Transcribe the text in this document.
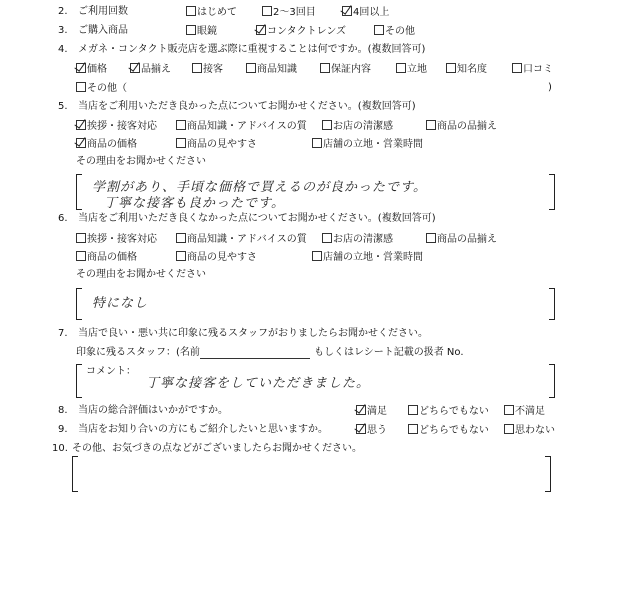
2. ご利用回数	はじめて	2～3回目	4回以上
3. ご購入商品	眼鏡	コンタクトレンズ	その他
4. メガネ・コンタクト販売店を選ぶ際に重視することは何ですか。(複数回答可)
価格	品揃え	接客	商品知識	保証内容	立地	知名度	口コミ
その他（	)
5. 当店をご利用いただき良かった点についてお聞かせください。(複数回答可)
挨拶・接客対応	商品知識・アドバイスの質	お店の清潔感	商品の品揃え
商品の価格	商品の見やすさ	店舗の立地・営業時間
その理由をお聞かせください
学割があり、手頃な価格で買えるのが良かったです。
丁寧な接客も良かったです。
6. 当店をご利用いただき良くなかった点についてお聞かせください。(複数回答可)
挨拶・接客対応	商品知識・アドバイスの質	お店の清潔感	商品の品揃え
商品の価格	商品の見やすさ	店舗の立地・営業時間
その理由をお聞かせください
特になし
7. 当店で良い・悪い共に印象に残るスタッフがおりましたらお聞かせください。
印象に残るスタッフ：(名前	もしくはレシート記載の扱者 No.
コメント：
丁寧な接客をしていただきました。
8. 当店の総合評価はいかがですか。	満足	どちらでもない	不満足
9. 当店をお知り合いの方にもご紹介したいと思いますか。	思う	どちらでもない	思わない
10. その他、お気づきの点などがございましたらお聞かせください。
